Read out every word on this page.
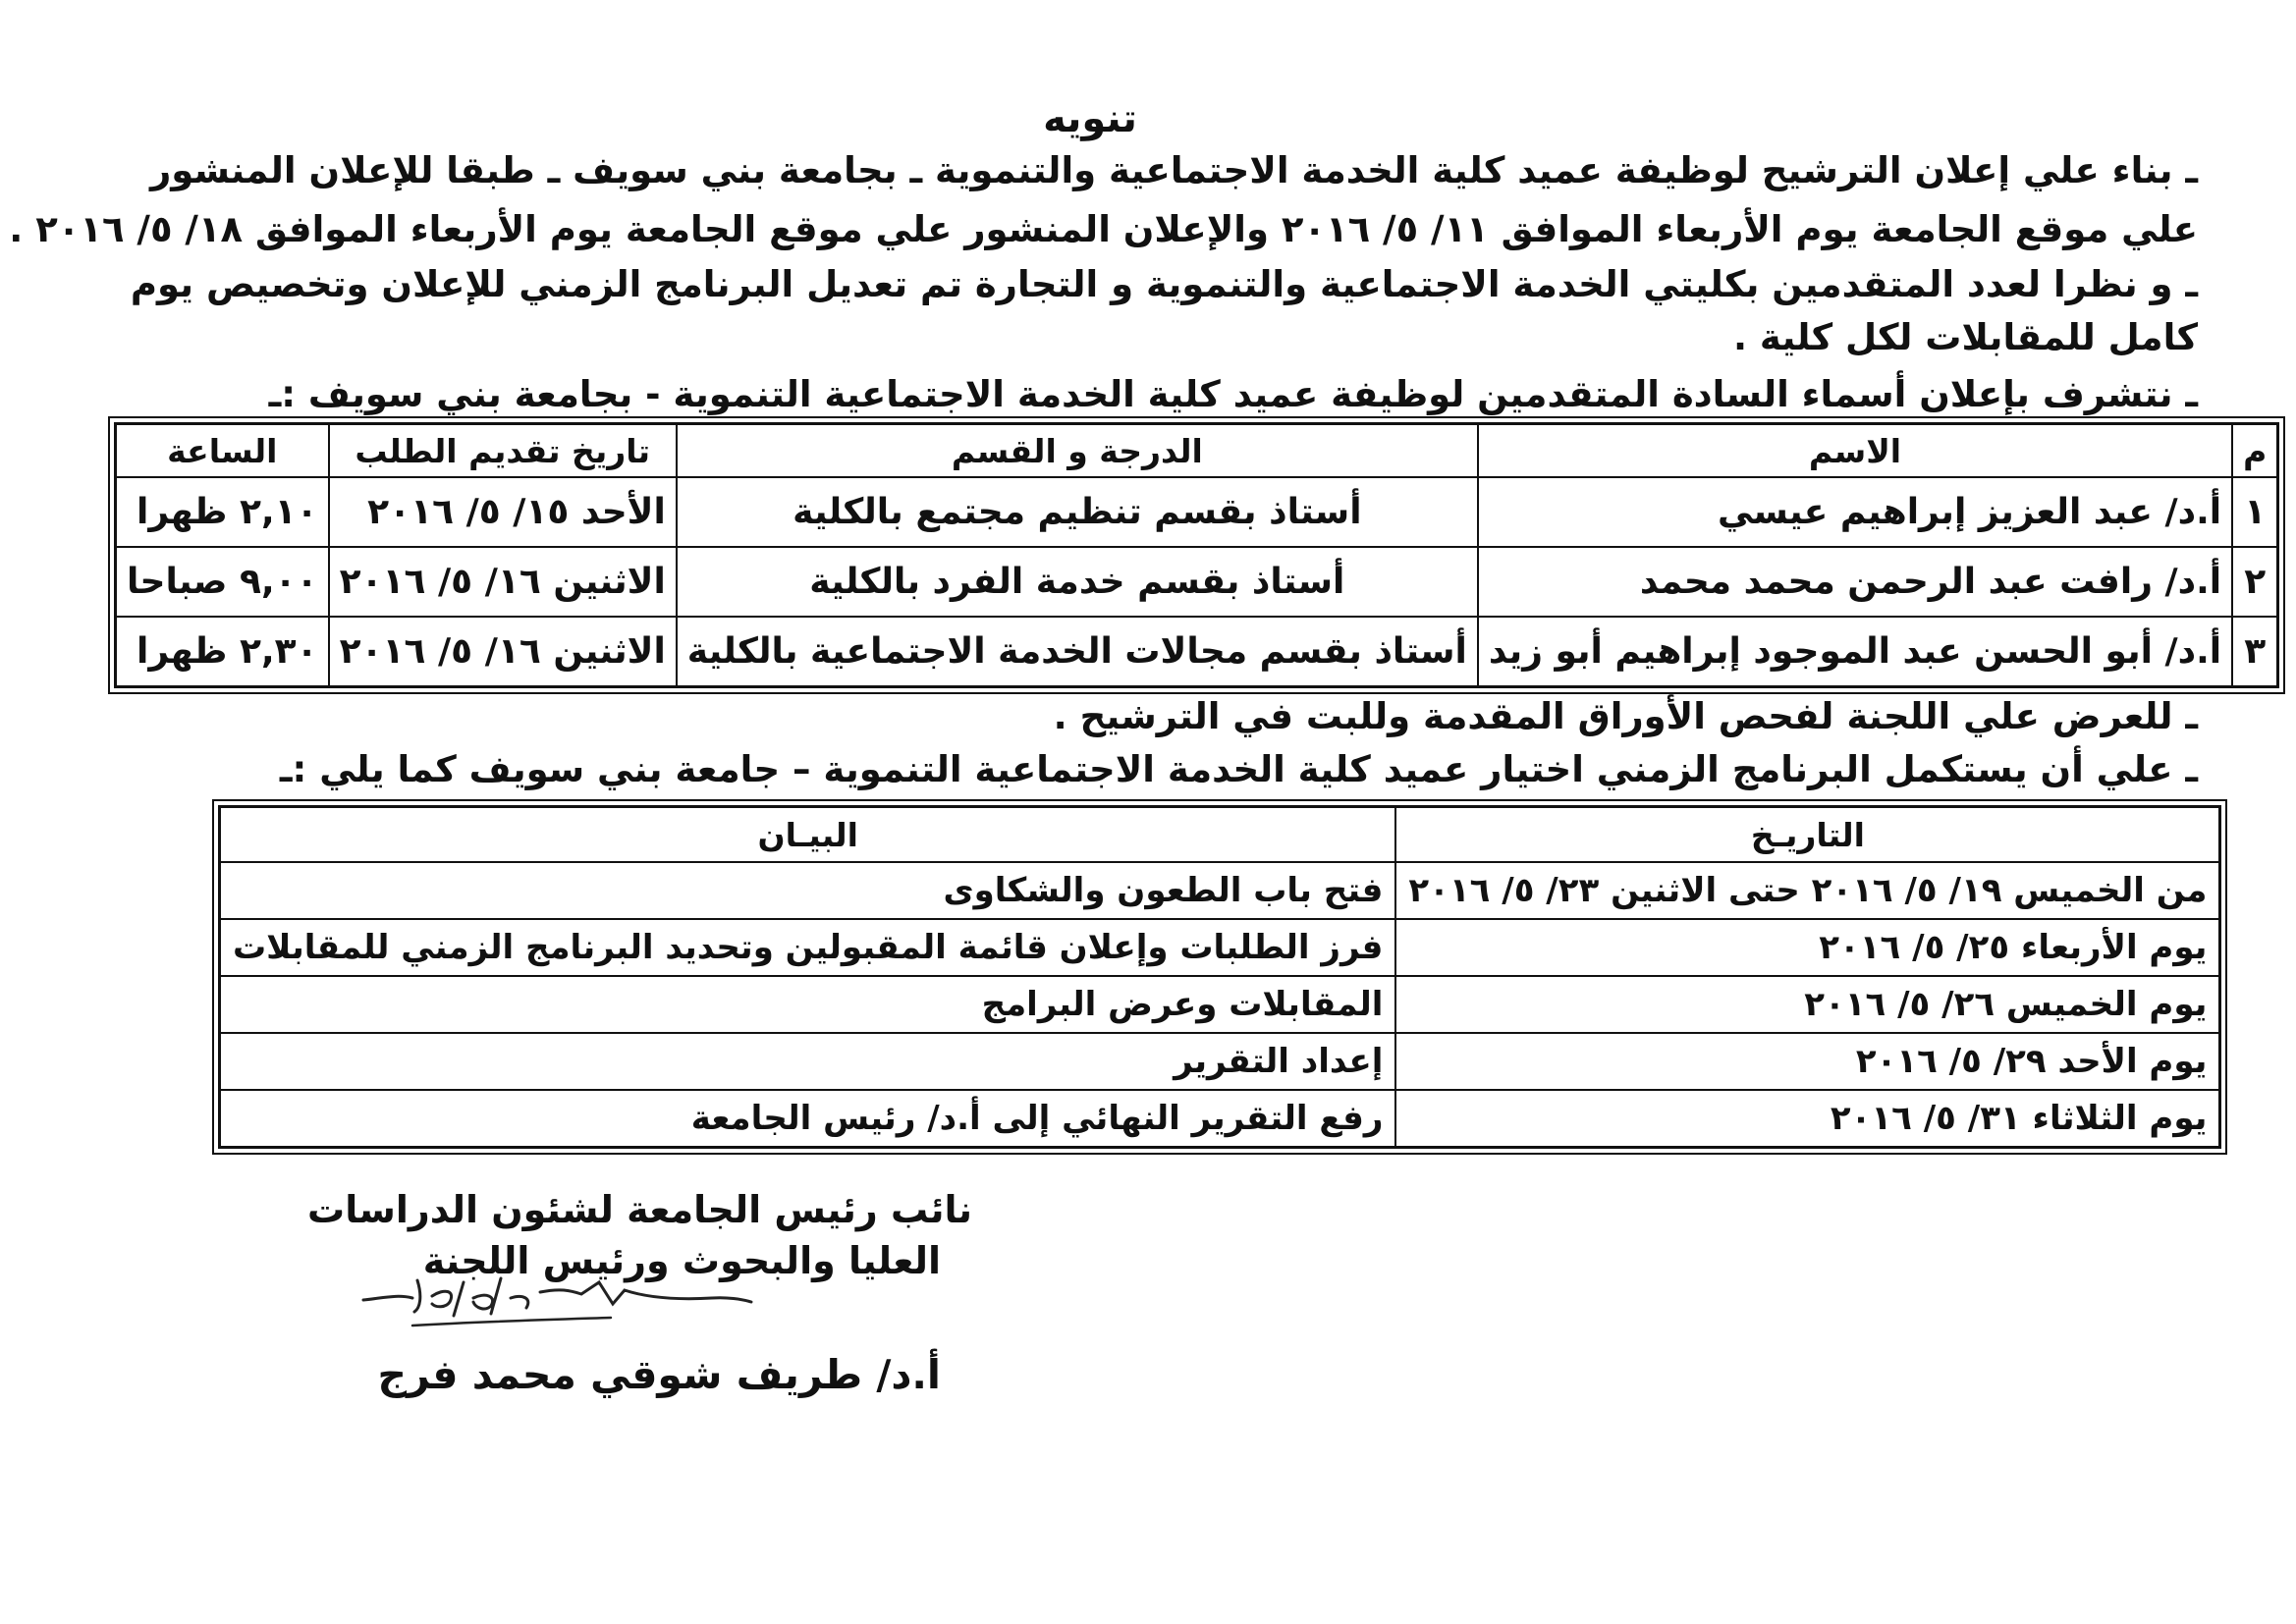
تنويه
ـ بناء علي إعلان الترشيح لوظيفة عميد كلية الخدمة الاجتماعية والتنموية ـ بجامعة بني سويف ـ طبقا للإعلان المنشور
علي موقع الجامعة يوم الأربعاء الموافق ١١/ ٥/ ٢٠١٦ والإعلان المنشور علي موقع الجامعة يوم الأربعاء الموافق ١٨/ ٥/ ٢٠١٦ .
ـ و نظرا لعدد المتقدمين بكليتي الخدمة الاجتماعية والتنموية و التجارة تم تعديل البرنامج الزمني للإعلان وتخصيص يوم
كامل للمقابلات لكل كلية .
ـ نتشرف بإعلان أسماء السادة المتقدمين لوظيفة عميد كلية الخدمة الاجتماعية التنموية - بجامعة بني سويف :ـ
م	الاسم	الدرجة و القسم	تاريخ تقديم الطلب	الساعة
١	أ.د/ عبد العزيز إبراهيم عيسي	أستاذ بقسم تنظيم مجتمع بالكلية	الأحد ١٥/ ٥/ ٢٠١٦	٢,١٠ ظهرا
٢	أ.د/ رافت عبد الرحمن محمد محمد	أستاذ بقسم خدمة الفرد بالكلية	الاثنين ١٦/ ٥/ ٢٠١٦	٩,٠٠ صباحا
٣	أ.د/ أبو الحسن عبد الموجود إبراهيم أبو زيد	أستاذ بقسم مجالات الخدمة الاجتماعية بالكلية	الاثنين ١٦/ ٥/ ٢٠١٦	٢,٣٠ ظهرا
ـ للعرض علي اللجنة لفحص الأوراق المقدمة وللبت في الترشيح .
ـ علي أن يستكمل البرنامج الزمني اختيار عميد كلية الخدمة الاجتماعية التنموية – جامعة بني سويف كما يلي :ـ
التاريـخ	البيـان
من الخميس ١٩/ ٥/ ٢٠١٦ حتى الاثنين ٢٣/ ٥/ ٢٠١٦	فتح باب الطعون والشكاوى
يوم الأربعاء ٢٥/ ٥/ ٢٠١٦	فرز الطلبات وإعلان قائمة المقبولين وتحديد البرنامج الزمني للمقابلات
يوم الخميس ٢٦/ ٥/ ٢٠١٦	المقابلات وعرض البرامج
يوم الأحد ٢٩/ ٥/ ٢٠١٦	إعداد التقرير
يوم الثلاثاء ٣١/ ٥/ ٢٠١٦	رفع التقرير النهائي إلى أ.د/ رئيس الجامعة
نائب رئيس الجامعة لشئون الدراسات
العليا والبحوث ورئيس اللجنة
أ.د/ طريف شوقي محمد فرج
